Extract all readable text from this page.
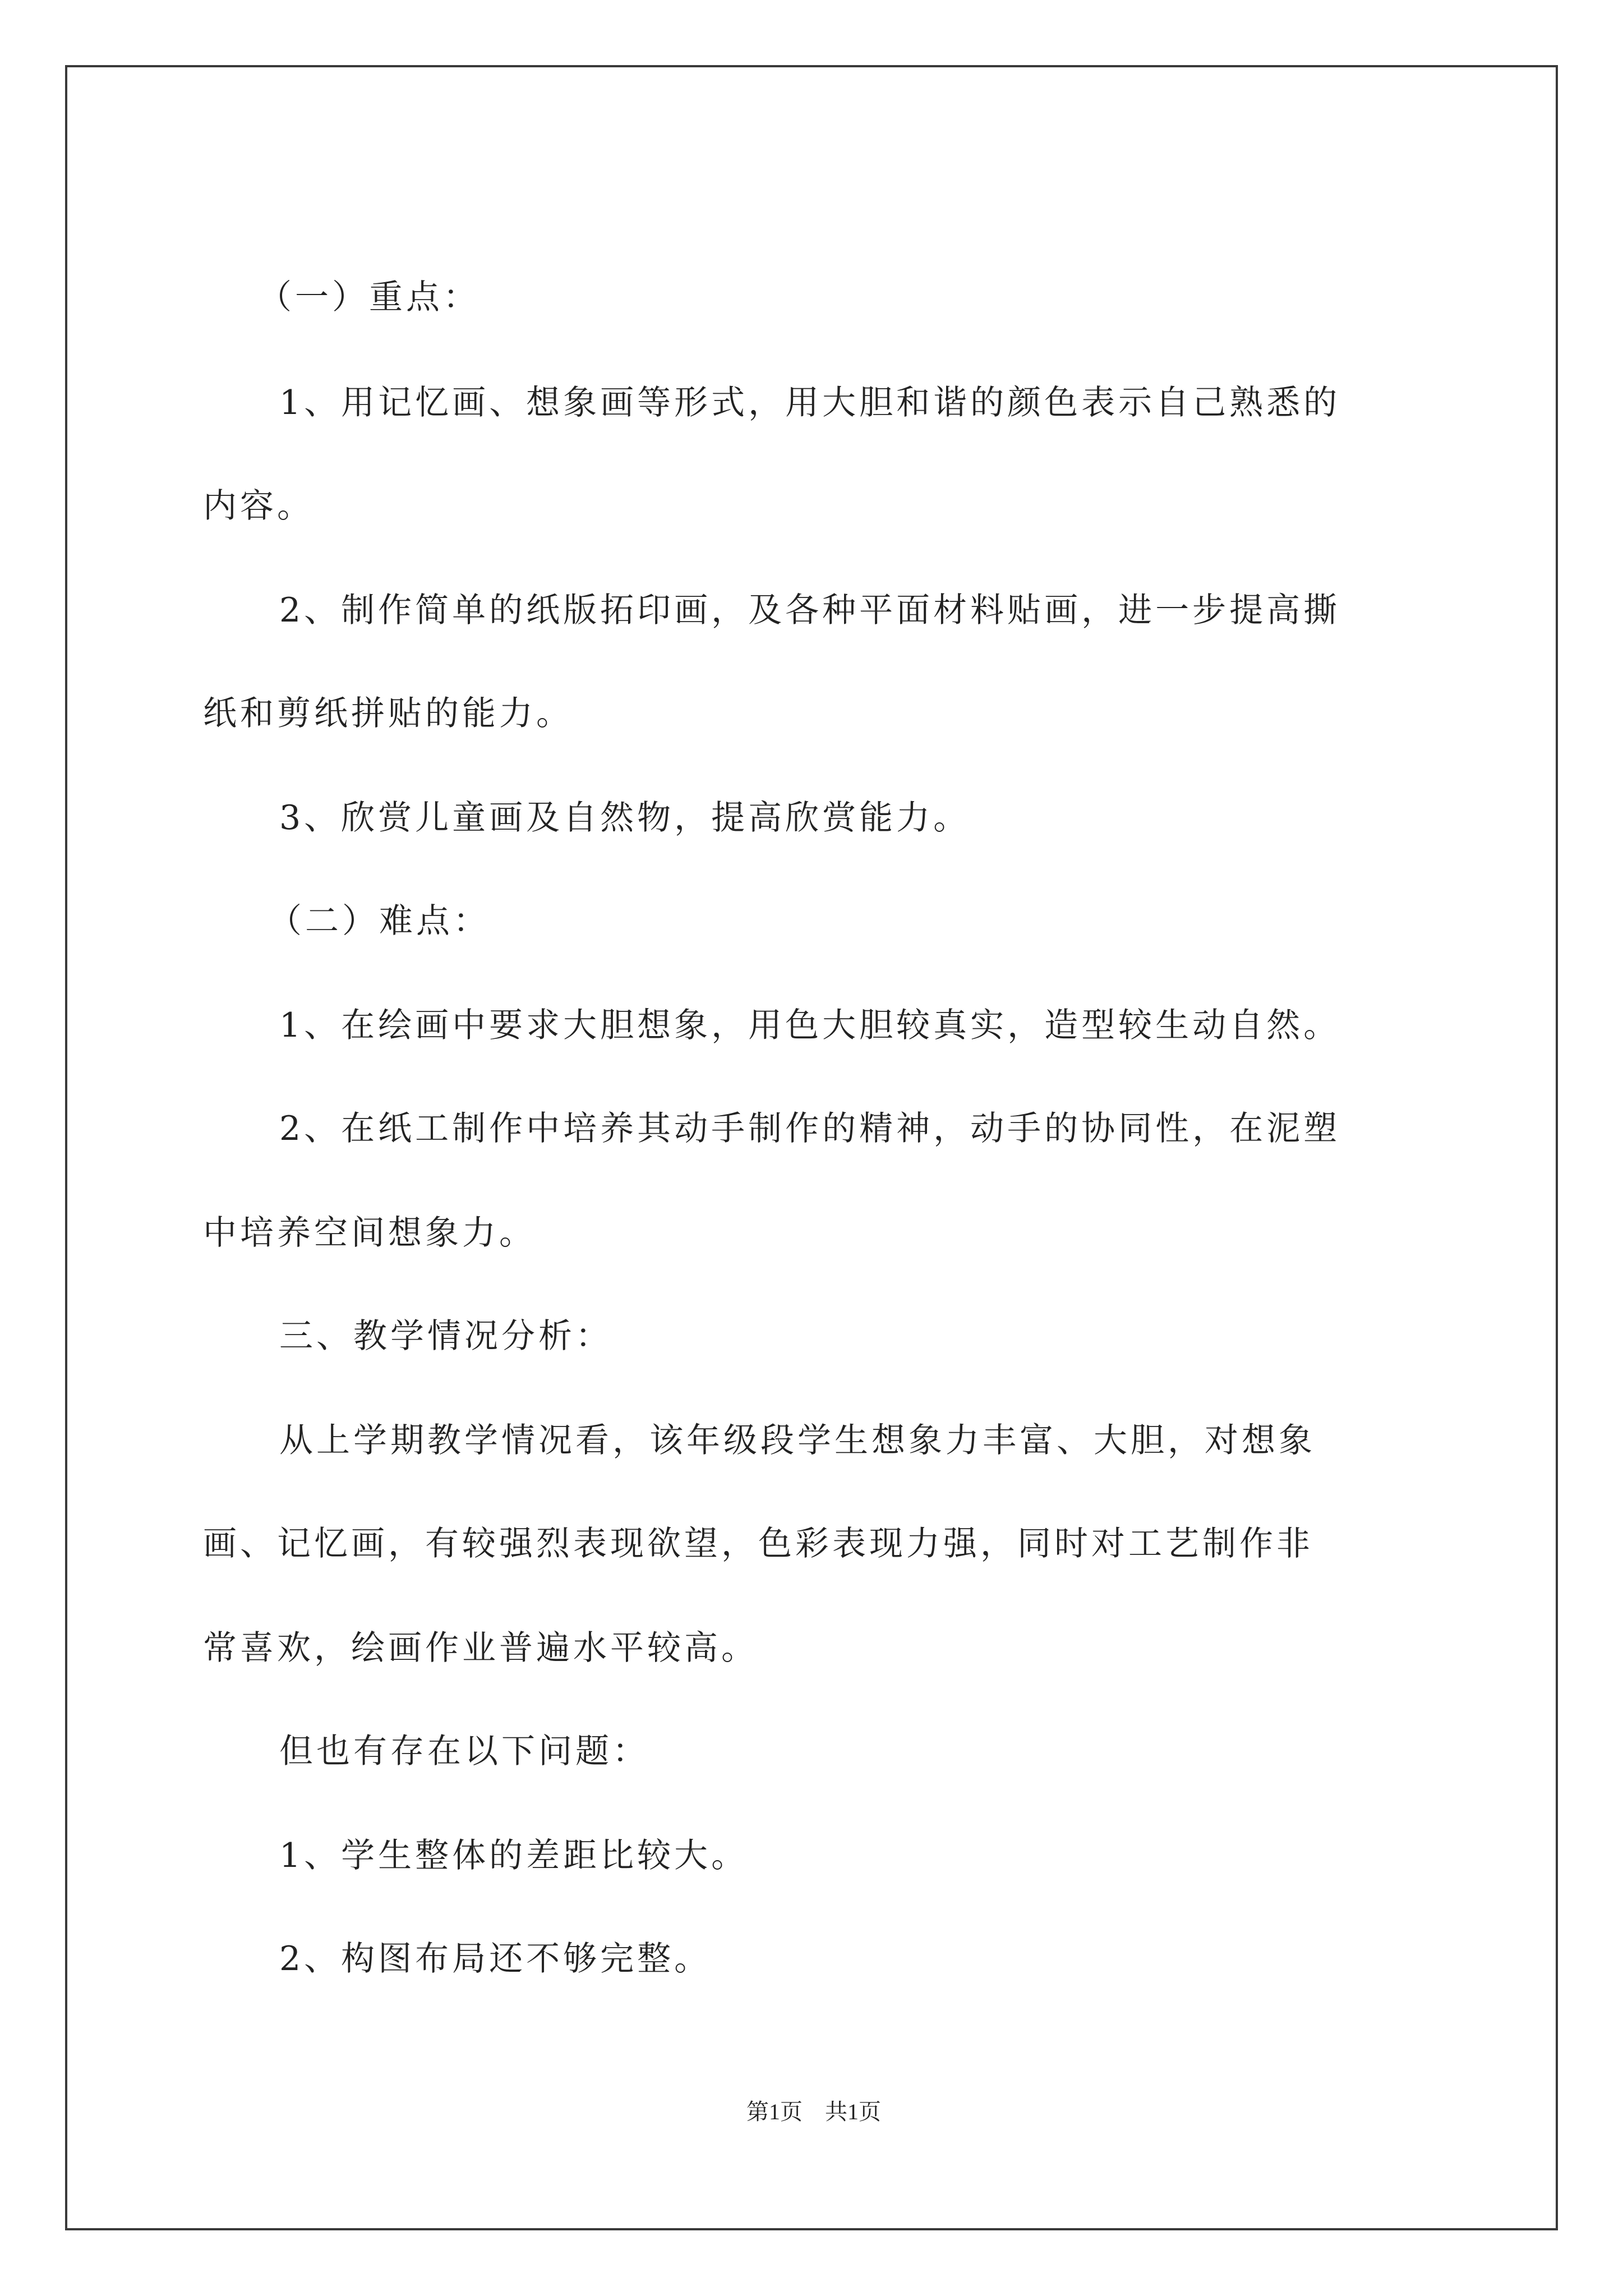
（一）重点：
1、用记忆画、想象画等形式，用大胆和谐的颜色表示自己熟悉的
内容。
2、制作简单的纸版拓印画，及各种平面材料贴画，进一步提高撕
纸和剪纸拼贴的能力。
3、欣赏儿童画及自然物，提高欣赏能力。
（二）难点：
1、在绘画中要求大胆想象，用色大胆较真实，造型较生动自然。
2、在纸工制作中培养其动手制作的精神，动手的协同性，在泥塑
中培养空间想象力。
三、教学情况分析：
从上学期教学情况看，该年级段学生想象力丰富、大胆，对想象
画、记忆画，有较强烈表现欲望，色彩表现力强，同时对工艺制作非
常喜欢，绘画作业普遍水平较高。
但也有存在以下问题：
1、学生整体的差距比较大。
2、构图布局还不够完整。
第1页　共1页
